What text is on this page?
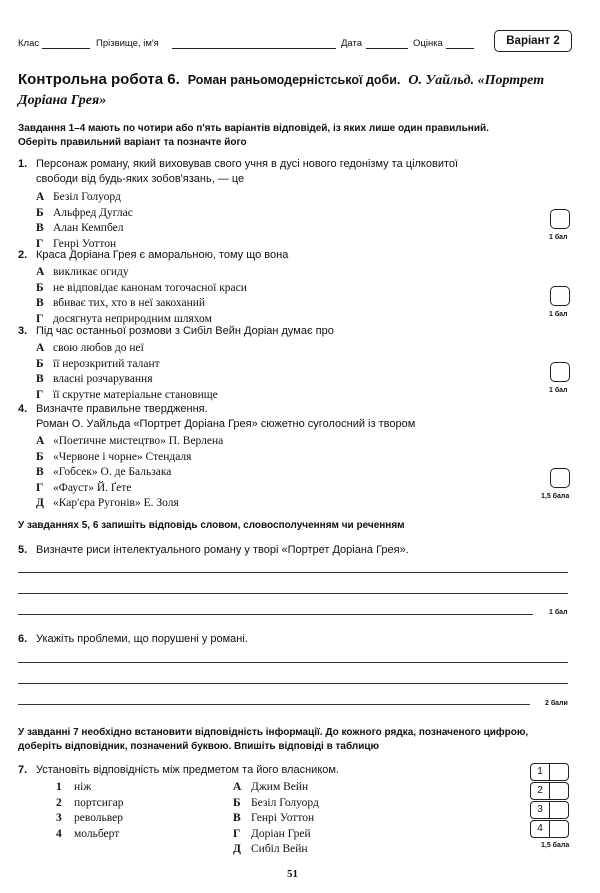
Клас	Прізвище, ім'я	Дата	Оцінка	Варіант 2
Контрольна робота 6. Роман раньомодерністської доби. О. Уайльд. «Портрет Доріана Грея»
Завдання 1–4 мають по чотири або п'ять варіантів відповідей, із яких лише один правильний.
Оберіть правильний варіант та позначте його
1. Персонаж роману, який виховував свого учня в дусі нового гедонізму та цілковитої
свободи від будь-яких зобов'язань, — це
А Безіл Голуорд
Б Альфред Дуглас
В Алан Кемпбел
Г Генрі Уоттон	1 бал
2. Краса Доріана Грея є аморальною, тому що вона
А викликає огиду
Б не відповідає канонам тогочасної краси
В вбиває тих, хто в неї закоханий
Г досягнута неприродним шляхом	1 бал
3. Під час останньої розмови з Сибіл Вейн Доріан думає про
А свою любов до неї
Б її нерозкритий талант
В власні розчарування
Г її скрутне матеріальне становище	1 бал
4. Визначте правильне твердження.
Роман О. Уайльда «Портрет Доріана Грея» сюжетно суголосний із твором
А «Поетичне мистецтво» П. Верлена
Б «Червоне і чорне» Стендаля
В «Гобсек» О. де Бальзака
Г «Фауст» Й. Ґете
Д «Кар'єра Ругонів» Е. Золя
1,5 бала
У завданнях 5, 6 запишіть відповідь словом, словосполученням чи реченням
5. Визначте риси інтелектуального роману у творі «Портрет Доріана Грея».
1 бал
6. Укажіть проблеми, що порушені у романі.
2 бали
У завданні 7 необхідно встановити відповідність інформації. До кожного рядка, позначеного цифрою,
доберіть відповідник, позначений буквою. Впишіть відповіді в таблицю
7. Установіть відповідність між предметом та його власником.
1 ніж
2 портсигар
3 револьвер
4 мольберт
А Джим Вейн
Б Безіл Голуорд
В Генрі Уоттон
Г Доріан Грей
Д Сибіл Вейн
1
2
3
4
1,5 бала
51
